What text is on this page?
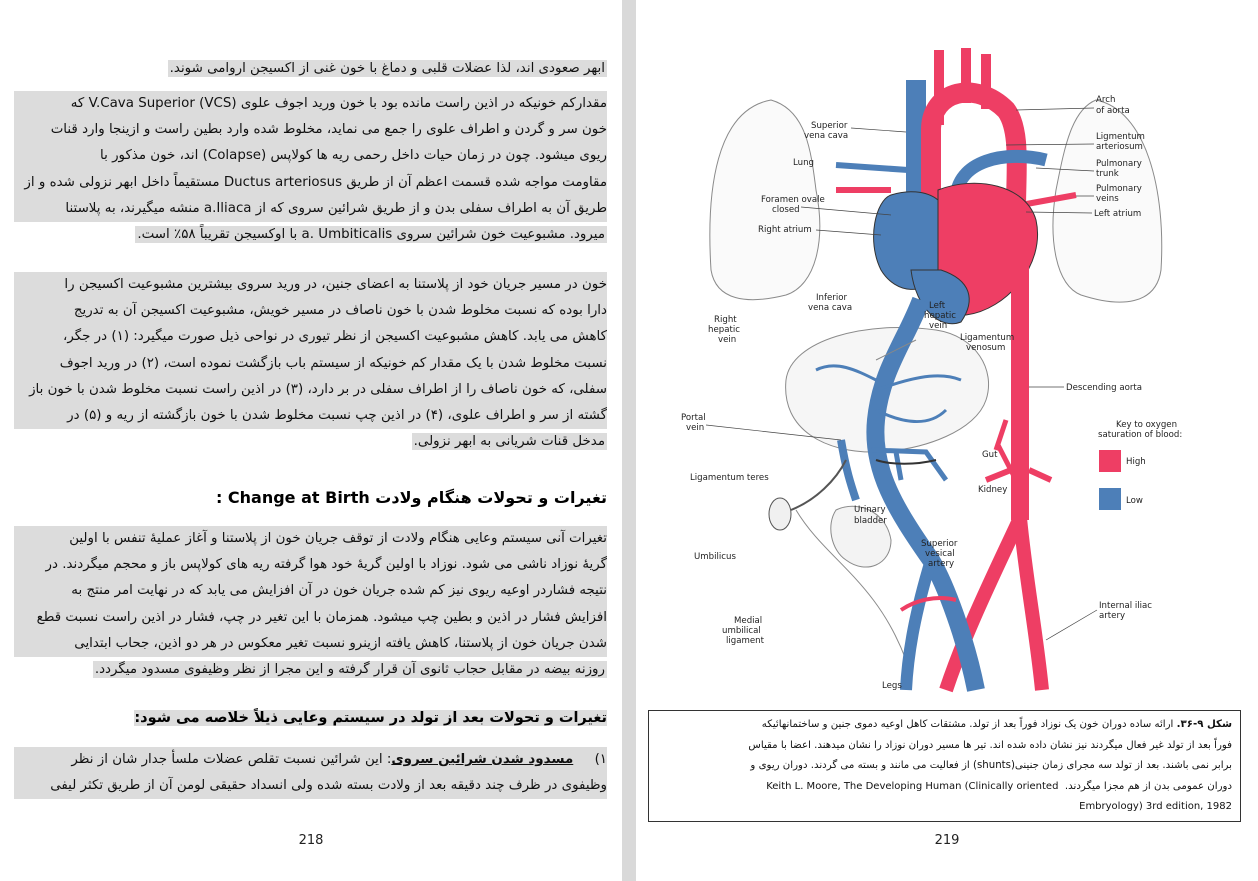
ابهر صعودی اند، لذا عضلات قلبی و دماغ با خون غنی از اکسیجن اروامی شوند.
مقدارکم خونیکه در اذین راست مانده بود با خون ورید اجوف علوی V.Cava Superior (VCS) که
خون سر و گردن و اطراف علوی را جمع می نماید، مخلوط شده وارد بطین راست و ازینجا وارد قنات
ریوی میشود. چون در زمان حیات داخل رحمی ریه ها کولاپس (Colapse) اند، خون مذکور با
مقاومت مواجه شده قسمت اعظم آن از طریق Ductus arteriosus مستقیماً داخل ابهر نزولی شده و از
طریق آن به اطراف سفلی بدن و از طریق شرائین سروی که از a.Iliaca منشه میگیرند، به پلاستنا
میرود. مشبوعیت خون شرائین سروی a. Umbiticalis با اوکسیجن تقریباً ۵۸٪ است.
خون در مسیر جریان خود از پلاستنا به اعضای جنین، در ورید سروی بیشترین مشبوعیت اکسیجن را
دارا بوده که نسبت مخلوط شدن با خون ناصاف در مسیر خویش، مشبوعیت اکسیجن آن به تدریج
کاهش می یابد. کاهش مشبوعیت اکسیجن از نظر تیوری در نواحی ذیل صورت میگیرد: (۱) در جگر،
نسبت مخلوط شدن با یک مقدار کم خونیکه از سیستم باب بازگشت نموده است، (۲) در ورید اجوف
سفلی، که خون ناصاف را از اطراف سفلی در بر دارد، (۳) در اذین راست نسبت مخلوط شدن با خون باز
گشته از سر و اطراف علوی، (۴) در اذین چپ نسبت مخلوط شدن با خون بازگشته از ریه و (۵) در
مدخل قنات شریانی به ابهر نزولی.
تغیرات و تحولات هنگام ولادت Change at Birth :
تغیرات آنی سیستم وعایی هنگام ولادت از توقف جریان خون از پلاستنا و آغاز عملیهٔ تنفس با اولین
گریهٔ نوزاد ناشی می شود. نوزاد با اولین گریهٔ خود هوا گرفته ریه های کولاپس باز و محجم میگردند. در
نتیجه فشاردر اوعیه ریوی نیز کم شده جریان خون در آن افزایش می یابد که در نهایت امر منتج به
افزایش فشار در اذین و بطین چپ میشود. همزمان با این تغیر در چپ، فشار در اذین راست نسبت قطع
شدن جریان خون از پلاستنا، کاهش یافته ازینرو نسبت تغیر معکوس در هر دو اذین، جحاب ابتدایی
روزنه بیضه در مقابل حجاب ثانوی آن قرار گرفته و این مجرا از نظر وظیفوی مسدود میگردد.
تغیرات و تحولات بعد از تولد در سیستم وعایی ذیلاً خلاصه می شود:
۱)     مسدود شدن شرائین سروی: این شرائین نسبت تقلص عضلات ملسأ جدار شان از نظر
وظیفوی در ظرف چند دقیقه بعد از ولادت بسته شده ولی انسداد حقیقی لومن آن از طریق تکثر لیفی
218
Superior
vena cava
Lung
Foramen ovale
closed
Right atrium
Inferior
vena cava
Right
hepatic
vein
Left
hepatic
vein
Ligamentum
venosum
Portal
vein
Gut
Ligamentum teres
Kidney
Urinary
bladder
Umbilicus
Superior
vesical
artery
Medial
umbilical
ligament
Legs
Arch
of aorta
Ligmentum
arteriosum
Pulmonary
trunk
Pulmonary
veins
Left atrium
Descending aorta
Key to oxygen
saturation of blood:
High
Low
Internal iliac
artery
شکل ۹-۳۶. ارائه ساده دوران خون یک نوزاد فوراً بعد از تولد. مشتقات کاهل اوعیه دموی جنین و ساختمانهائیکه
فوراً بعد از تولد غیر فعال میگردند نیز نشان داده شده اند. تیر ها مسیر دوران نوزاد را نشان میدهند. اعضا با مقیاس
برابر نمی باشند. بعد از تولد سه مجرای زمان جنینی(shunts) از فعالیت می مانند و بسته می گردند. دوران ریوی و
دوران عمومی بدن از هم مجزا میگردند.  Keith L. Moore, The Developing Human (Clinically oriented
Embryology) 3rd edition, 1982
219
